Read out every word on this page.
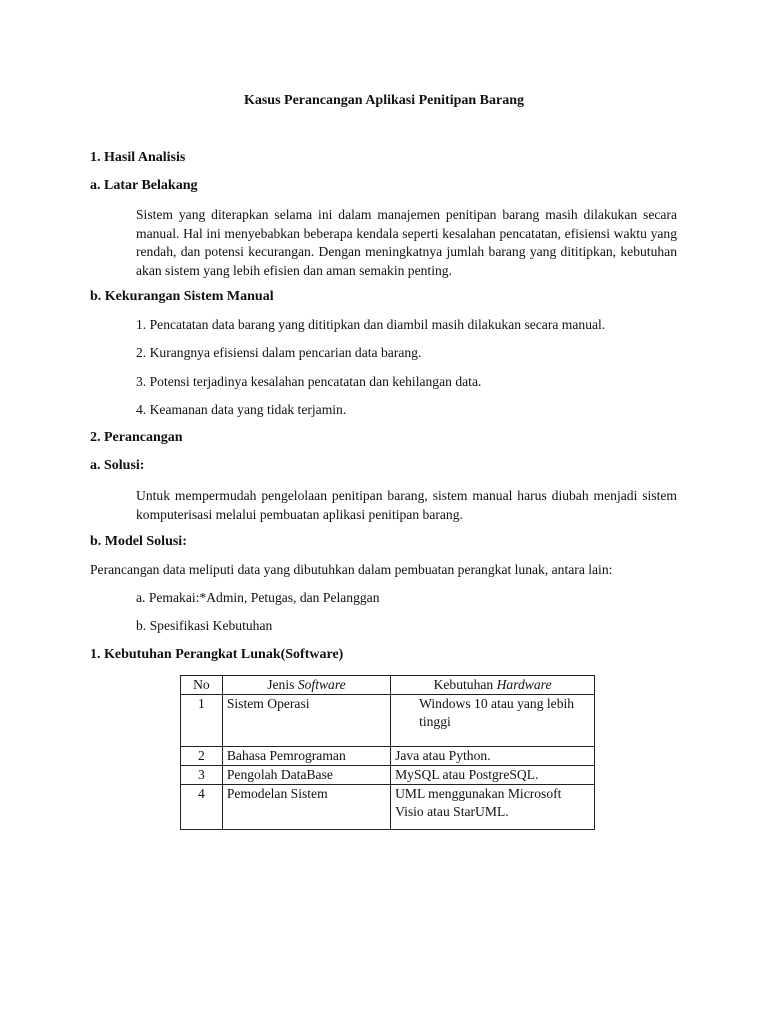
Kasus Perancangan Aplikasi Penitipan Barang
1. Hasil Analisis
a. Latar Belakang
Sistem yang diterapkan selama ini dalam manajemen penitipan barang masih dilakukan secara manual. Hal ini menyebabkan beberapa kendala seperti kesalahan pencatatan, efisiensi waktu yang rendah, dan potensi kecurangan. Dengan meningkatnya jumlah barang yang dititipkan, kebutuhan akan sistem yang lebih efisien dan aman semakin penting.
b. Kekurangan Sistem Manual
1. Pencatatan data barang yang dititipkan dan diambil masih dilakukan secara manual.
2. Kurangnya efisiensi dalam pencarian data barang.
3. Potensi terjadinya kesalahan pencatatan dan kehilangan data.
4. Keamanan data yang tidak terjamin.
2. Perancangan
a. Solusi:
Untuk mempermudah pengelolaan penitipan barang, sistem manual harus diubah menjadi sistem komputerisasi melalui pembuatan aplikasi penitipan barang.
b. Model Solusi:
Perancangan data meliputi data yang dibutuhkan dalam pembuatan perangkat lunak, antara lain:
a. Pemakai:*Admin, Petugas, dan Pelanggan
b. Spesifikasi Kebutuhan
1. Kebutuhan Perangkat Lunak(Software)
No	Jenis Software	Kebutuhan Hardware
1	Sistem Operasi	Windows 10 atau yang lebih tinggi
2	Bahasa Pemrograman	Java atau Python.
3	Pengolah DataBase	MySQL atau PostgreSQL.
4	Pemodelan Sistem	UML menggunakan Microsoft Visio atau StarUML.
